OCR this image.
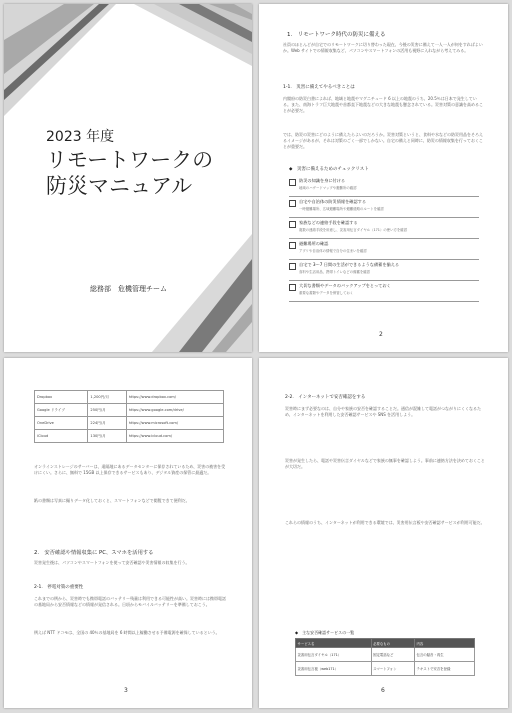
2023 年度
リモートワークの
防災マニュアル
総務部　危機管理チーム
1.　リモートワーク時代の防災に備える
社員のほとんどが自宅でのリモートワークに切り替わった現在、今後の災害に備えて一人一人が何をすればよいか。Web サイトでの情報収集など、パソコンやスマートフォンの活用も視野に入れながら考えてみる。
1-1.　災害に備えてやるべきことは
内閣府の防災白書によれば、地域と地震やマグニチュード 6 以上の地震のうち、20.5％は日本で発生している。また、南海トラフ巨大地震や首都直下地震などの大きな地震も懸念されている。災害対策の意識を高めることが必要だ。
では、防災の災害にどのように備えたらよいのだろうか。災害対策というと、食料や水などの防災用品をそろえるイメージがあるが、それは対策のごく一部でしかない。自宅の備えと同時に、防災の情報収集を行っておくことが重要だ。
◆　災害に備えるためのチェックリスト
防災の知識を身に付ける
地域のハザードマップや避難所の確認
自宅や自治体の防災情報を確認する
一時避難場所、広域避難場所や避難経路のルートを確認
家族などの連絡手段を確認する
複数の連絡手段を用意し、災害用伝言ダイヤル（171）の使い方を確認
避難場所の確認
アプリや自治体の情報で自分の住まいを確認
自宅で 3〜7 日間の生活ができるような備蓄を揃える
食料や生活用品、携帯トイレなどの備蓄を確認
大切な書類やデータのバックアップをとっておく
重要な書類やデータを保管しておく
2
Dropbox	1,200円/月	https://www.dropbox.com/
Google ドライブ	250円/月	https://www.google.com/drive/
OneDrive	224円/月	https://www.microsoft.com/
iCloud	130円/月	https://www.icloud.com/
オンラインストレージのサーバーは、遠隔地にあるデータセンターに保存されているため、災害の被害を受けにくい。さらに、無料で 15GB 以上保存できるサービスもあり、デジタル資産の保管に最適だ。
紙の書類は写真に撮りデータ化しておくと、スマートフォンなどで閲覧できて便利だ。
2.　安否確認や情報収集に PC、スマホを活用する
災害発生後は、パソコンやスマートフォンを使って安否確認や災害情報の収集を行う。
2-1.　停電対策の重要性
これまでの例から、災害時でも携帯電話のバッテリー残量は利用できる可能性が高い。災害時には携帯電話の基地局から安否情報などの情報が発信される。日頃からモバイルバッテリーを準備しておこう。
例えば NTT ドコモは、全国の 40％の基地局を 6 時間以上稼働させる予備電源を確保しているという。
3
2-2.　インターネットで安否確認をする
災害時にまず必要なのは、自分や家族の安否を確認することだ。通信が混雑して電話がつながりにくくなるため、インターネットを利用した安否確認サービスや SNS を活用しよう。
災害が発生したら、電話や災害伝言ダイヤルなどで家族の無事を確認しよう。事前に連絡方法を決めておくことが大切だ。
これらの情報のうち、インターネットが利用できる環境では、災害用伝言板や安否確認サービスが利用可能だ。
◆　主な安否確認サービスの一覧
サービス名	必要なもの	内容
災害用伝言ダイヤル（171）	固定電話など	伝言の録音・再生
災害用伝言板（web171）	スマートフォン	テキストで安否を登録
6
